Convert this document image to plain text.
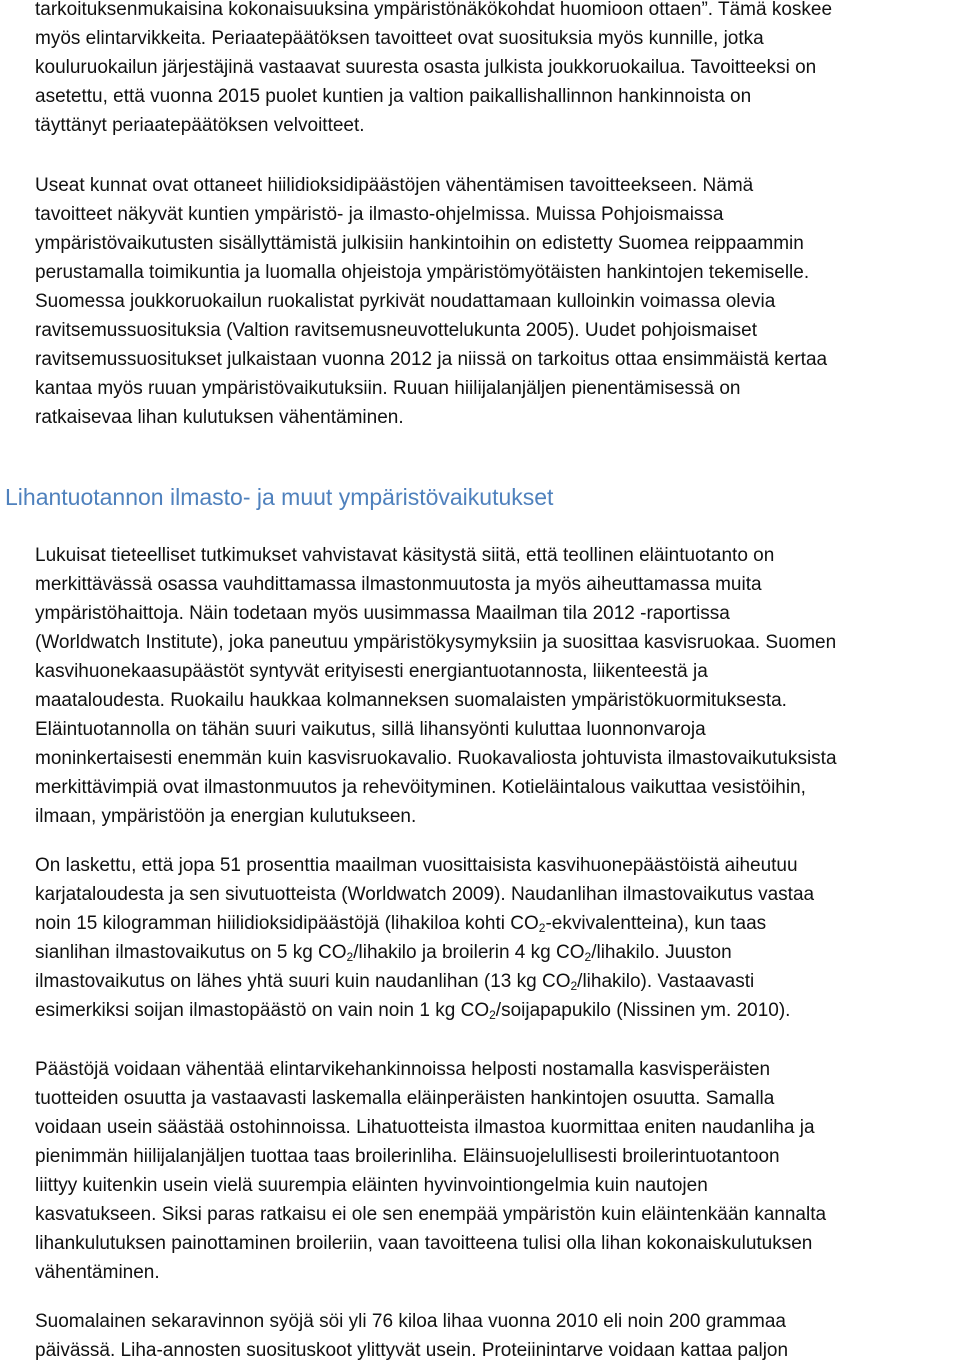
tarkoituksenmukaisina kokonaisuuksina ympäristönäkökohdat huomioon ottaen”. Tämä koskee
myös elintarvikkeita. Periaatepäätöksen tavoitteet ovat suosituksia myös kunnille, jotka
kouluruokailun järjestäjinä vastaavat suuresta osasta julkista joukkoruokailua. Tavoitteeksi on
asetettu, että vuonna 2015 puolet kuntien ja valtion paikallishallinnon hankinnoista on
täyttänyt periaatepäätöksen velvoitteet.
Useat kunnat ovat ottaneet hiilidioksidipäästöjen vähentämisen tavoitteekseen. Nämä
tavoitteet näkyvät kuntien ympäristö- ja ilmasto-ohjelmissa. Muissa Pohjoismaissa
ympäristövaikutusten sisällyttämistä julkisiin hankintoihin on edistetty Suomea reippaammin
perustamalla toimikuntia ja luomalla ohjeistoja ympäristömyötäisten hankintojen tekemiselle.
Suomessa joukkoruokailun ruokalistat pyrkivät noudattamaan kulloinkin voimassa olevia
ravitsemussuosituksia (Valtion ravitsemusneuvottelukunta 2005). Uudet pohjoismaiset
ravitsemussuositukset julkaistaan vuonna 2012 ja niissä on tarkoitus ottaa ensimmäistä kertaa
kantaa myös ruuan ympäristövaikutuksiin. Ruuan hiilijalanjäljen pienentämisessä on
ratkaisevaa lihan kulutuksen vähentäminen.
Lihantuotannon ilmasto- ja muut ympäristövaikutukset
Lukuisat tieteelliset tutkimukset vahvistavat käsitystä siitä, että teollinen eläintuotanto on
merkittävässä osassa vauhdittamassa ilmastonmuutosta ja myös aiheuttamassa muita
ympäristöhaittoja. Näin todetaan myös uusimmassa Maailman tila 2012 -raportissa
(Worldwatch Institute), joka paneutuu ympäristökysymyksiin ja suosittaa kasvisruokaa. Suomen
kasvihuonekaasupäästöt syntyvät erityisesti energiantuotannosta, liikenteestä ja
maataloudesta. Ruokailu haukkaa kolmanneksen suomalaisten ympäristökuormituksesta.
Eläintuotannolla on tähän suuri vaikutus, sillä lihansyönti kuluttaa luonnonvaroja
moninkertaisesti enemmän kuin kasvisruokavalio. Ruokavaliosta johtuvista ilmastovaikutuksista
merkittävimpiä ovat ilmastonmuutos ja rehevöityminen. Kotieläintalous vaikuttaa vesistöihin,
ilmaan, ympäristöön ja energian kulutukseen.
On laskettu, että jopa 51 prosenttia maailman vuosittaisista kasvihuonepäästöistä aiheutuu
karjataloudesta ja sen sivutuotteista (Worldwatch 2009). Naudanlihan ilmastovaikutus vastaa
noin 15 kilogramman hiilidioksidipäästöjä (lihakiloa kohti $CO_2-ekvivalentteina$), kun taas
sianlihan ilmastovaikutus on 5 kg $CO_2$/lihakilo ja broilerin 4 kg $CO_2$/lihakilo. Juuston
ilmastovaikutus on lähes yhtä suuri kuin naudanlihan (13 kg $CO_2/lihakilo$). Vastaavasti
esimerkiksi soijan ilmastopäästö on vain noin 1 kg $CO_2$/soijapapukilo (Nissinen ym. 2010).
Päästöjä voidaan vähentää elintarvikehankinnoissa helposti nostamalla kasvisperäisten
tuotteiden osuutta ja vastaavasti laskemalla eläinperäisten hankintojen osuutta. Samalla
voidaan usein säästää ostohinnoissa. Lihatuotteista ilmastoa kuormittaa eniten naudanliha ja
pienimmän hiilijalanjäljen tuottaa taas broilerinliha. Eläinsuojelullisesti broilerintuotantoon
liittyy kuitenkin usein vielä suurempia eläinten hyvinvointiongelmia kuin nautojen
kasvatukseen. Siksi paras ratkaisu ei ole sen enempää ympäristön kuin eläintenkään kannalta
lihankulutuksen painottaminen broileriin, vaan tavoitteena tulisi olla lihan kokonaiskulutuksen
vähentäminen.
Suomalainen sekaravinnon syöjä söi yli 76 kiloa lihaa vuonna 2010 eli noin 200 grammaa
päivässä. Liha-annosten suosituskoot ylittyvät usein. Proteiinintarve voidaan kattaa paljon
